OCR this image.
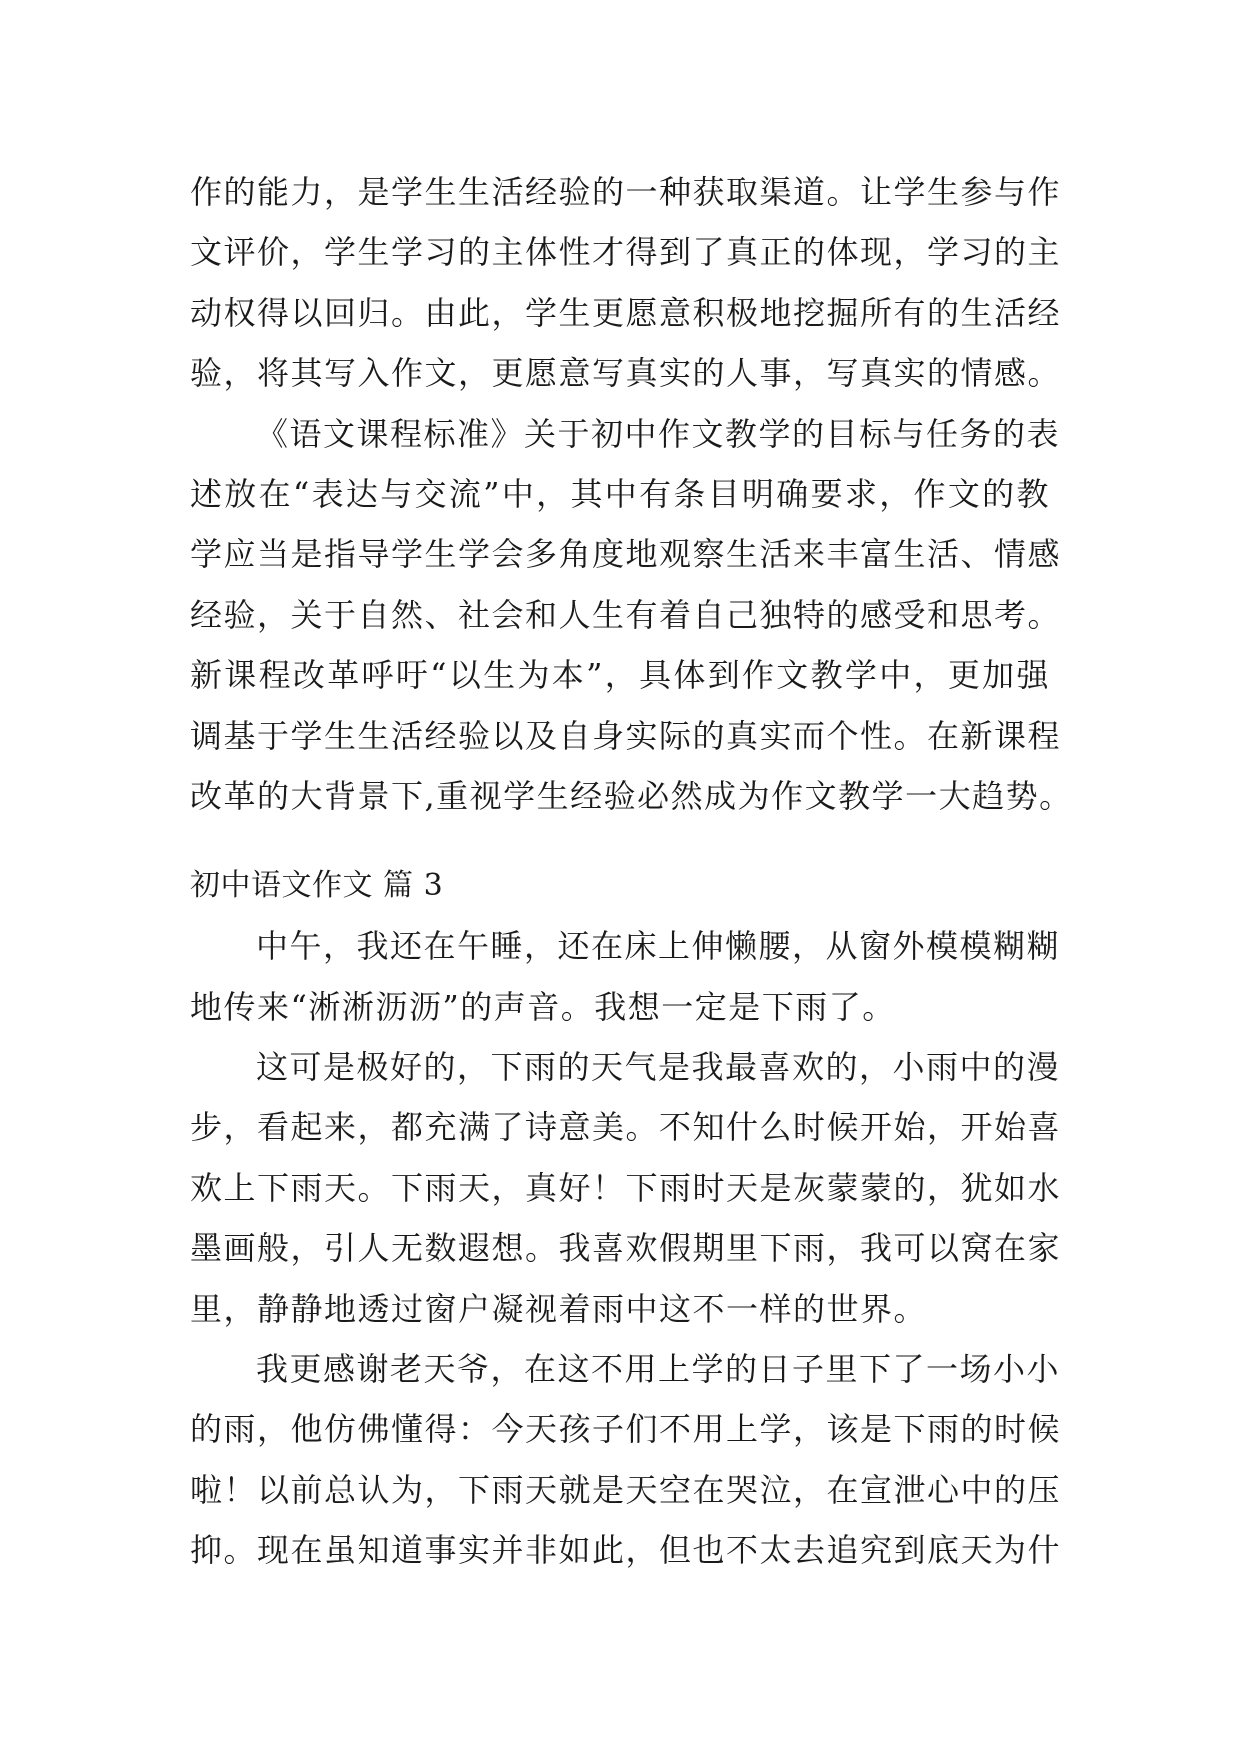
作的能力，是学生生活经验的一种获取渠道。让学生参与作
文评价，学生学习的主体性才得到了真正的体现，学习的主
动权得以回归。由此，学生更愿意积极地挖掘所有的生活经
验，将其写入作文，更愿意写真实的人事，写真实的情感。
《语文课程标准》关于初中作文教学的目标与任务的表
述放在“表达与交流”中，其中有条目明确要求，作文的教
学应当是指导学生学会多角度地观察生活来丰富生活、情感
经验，关于自然、社会和人生有着自己独特的感受和思考。
新课程改革呼吁“以生为本”，具体到作文教学中，更加强
调基于学生生活经验以及自身实际的真实而个性。在新课程
改革的大背景下,重视学生经验必然成为作文教学一大趋势。
初中语文作文 篇 3
中午，我还在午睡，还在床上伸懒腰，从窗外模模糊糊
地传来“淅淅沥沥”的声音。我想一定是下雨了。
这可是极好的，下雨的天气是我最喜欢的，小雨中的漫
步，看起来，都充满了诗意美。不知什么时候开始，开始喜
欢上下雨天。下雨天，真好！下雨时天是灰蒙蒙的，犹如水
墨画般，引人无数遐想。我喜欢假期里下雨，我可以窝在家
里，静静地透过窗户凝视着雨中这不一样的世界。
我更感谢老天爷，在这不用上学的日子里下了一场小小
的雨，他仿佛懂得：今天孩子们不用上学，该是下雨的时候
啦！以前总认为，下雨天就是天空在哭泣，在宣泄心中的压
抑。现在虽知道事实并非如此，但也不太去追究到底天为什
